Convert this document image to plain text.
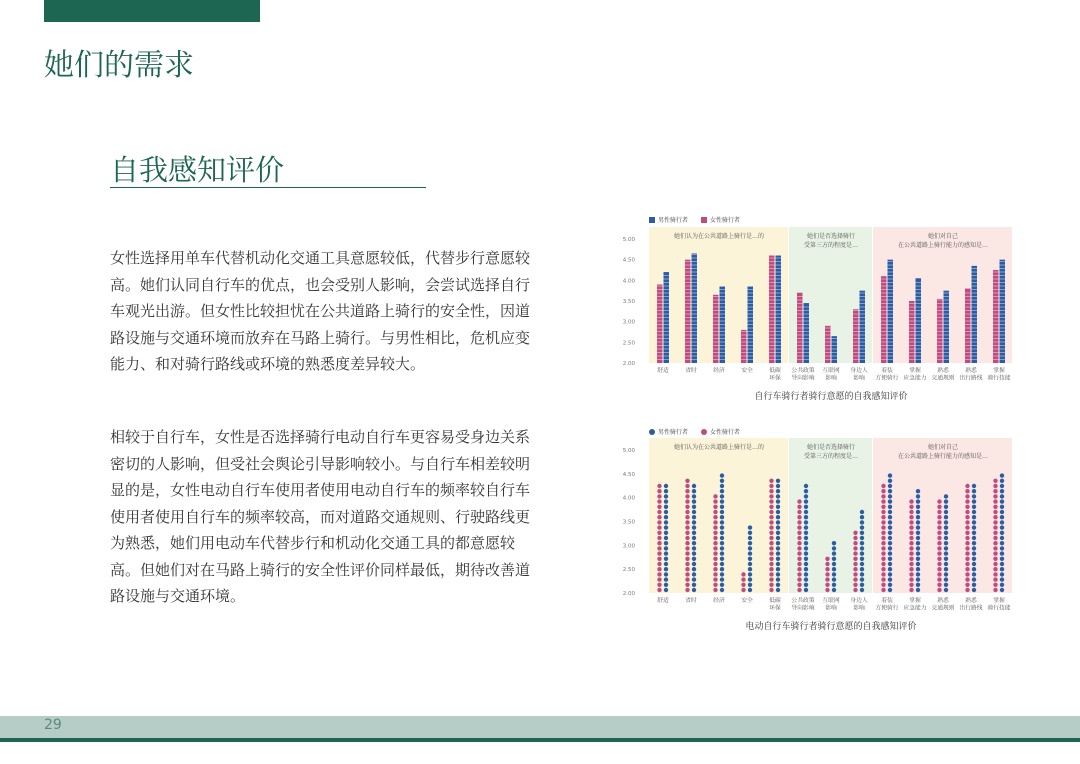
她们的需求
自我感知评价

女性选择用单车代替机动化交通工具意愿较低，代替步行意愿较高。她们认同自行车的优点，也会受别人影响，会尝试选择自行车观光出游。但女性比较担忧在公共道路上骑行的安全性，因道路设施与交通环境而放弃在马路上骑行。与男性相比，危机应变能力、和对骑行路线或环境的熟悉度差异较大。

相较于自行车，女性是否选择骑行电动自行车更容易受身边关系密切的人影响，但受社会舆论引导影响较小。与自行车相差较明显的是，女性电动自行车使用者使用电动自行车的频率较自行车使用者使用自行车的频率较高，而对道路交通规则、行驶路线更为熟悉，她们用电动车代替步行和机动化交通工具的都意愿较高。但她们对在马路上骑行的安全性评价同样最低，期待改善道路设施与交通环境。

她们认为在公共道路上骑行是…的	她们是否选择骑行
受第三方的程度是…
她们对自己
在公共道路上骑行能力的感知是…
2.00
2.50
3.00
3.50
4.00
4.50
5.00
男性骑行者	女性骑行者
舒适	省时	经济	安全	低碳
环保
公共政策
导向影响
互联网
影响
身边人
影响
着装
方便骑行
掌握
应急能力
熟悉
交通规则
熟悉
出行路线
掌握
骑行技能
自行车骑行者骑行意愿的自我感知评价
她们认为在公共道路上骑行是…的	她们是否选择骑行
受第三方的程度是…
她们对自己
在公共道路上骑行能力的感知是…
2.00
2.50
3.00
3.50
4.00
4.50
5.00
男性骑行者	女性骑行者
舒适	省时	经济	安全	低碳
环保
公共政策
导向影响
互联网
影响
身边人
影响
着装
方便骑行
掌握
应急能力
熟悉
交通规则
熟悉
出行路线
掌握
骑行技能
电动自行车骑行者骑行意愿的自我感知评价
29
